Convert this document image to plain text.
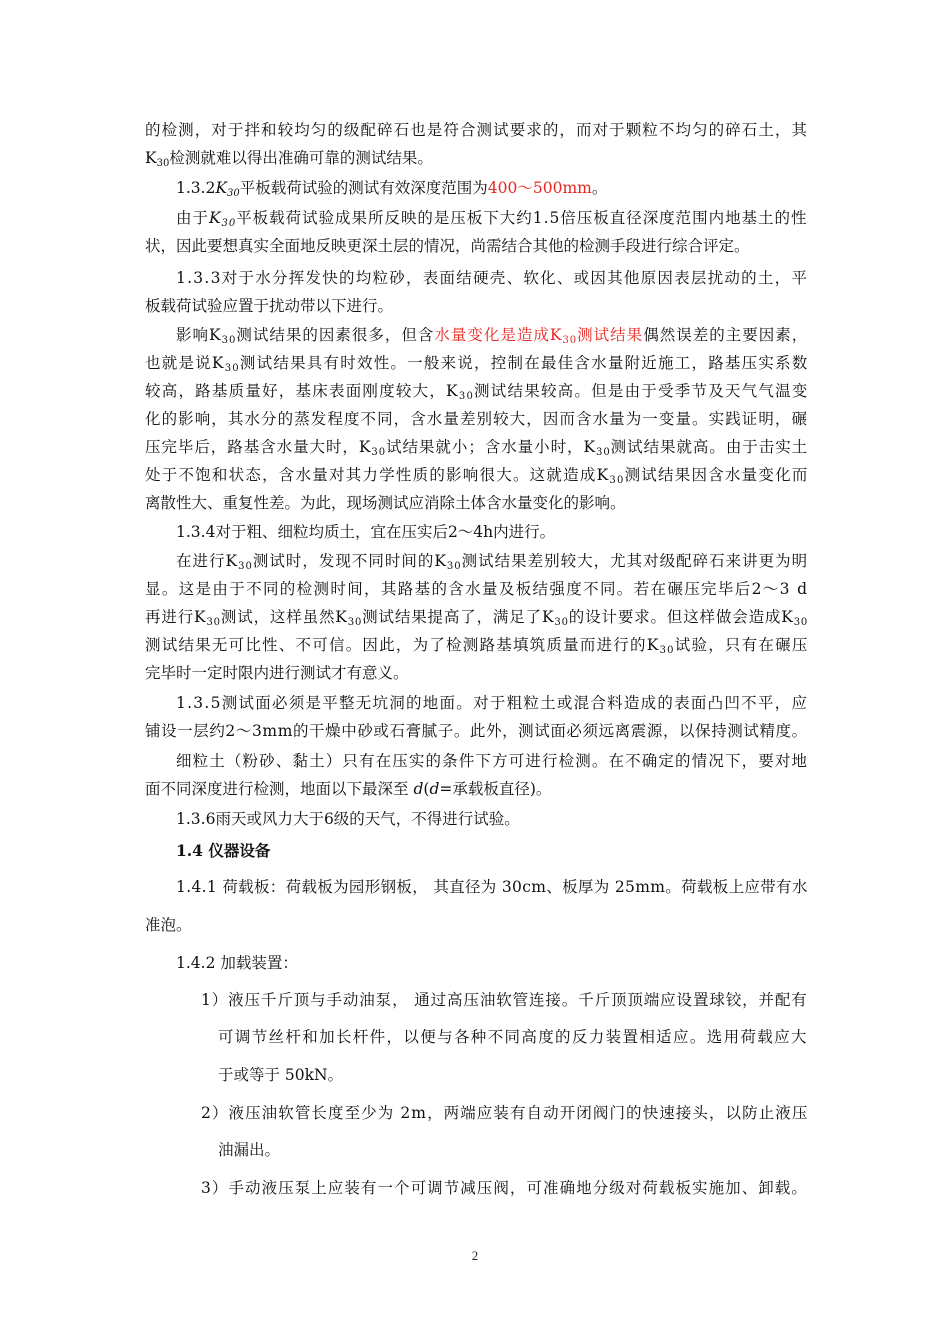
的检测，对于拌和较均匀的级配碎石也是符合测试要求的，而对于颗粒不均匀的碎石土，其
K30检测就难以得出准确可靠的测试结果。
1.3.2K30平板载荷试验的测试有效深度范围为400～500mm。
由于K30平板载荷试验成果所反映的是压板下大约1.5倍压板直径深度范围内地基土的性
状，因此要想真实全面地反映更深土层的情况，尚需结合其他的检测手段进行综合评定。
1.3.3对于水分挥发快的均粒砂，表面结硬壳、软化、或因其他原因表层扰动的土，平
板载荷试验应置于扰动带以下进行。
影响K30测试结果的因素很多，但含水量变化是造成K30测试结果偶然误差的主要因素，
也就是说K30测试结果具有时效性。一般来说，控制在最佳含水量附近施工，路基压实系数
较高，路基质量好，基床表面刚度较大，K30测试结果较高。但是由于受季节及天气气温变
化的影响，其水分的蒸发程度不同，含水量差别较大，因而含水量为一变量。实践证明，碾
压完毕后，路基含水量大时，K30试结果就小；含水量小时，K30测试结果就高。由于击实土
处于不饱和状态，含水量对其力学性质的影响很大。这就造成K30测试结果因含水量变化而
离散性大、重复性差。为此，现场测试应消除土体含水量变化的影响。
1.3.4对于粗、细粒均质土，宜在压实后2～4h内进行。
在进行K30测试时，发现不同时间的K30测试结果差别较大，尤其对级配碎石来讲更为明
显。这是由于不同的检测时间，其路基的含水量及板结强度不同。若在碾压完毕后2～3 d
再进行K30测试，这样虽然K30测试结果提高了，满足了K30的设计要求。但这样做会造成K30
测试结果无可比性、不可信。因此，为了检测路基填筑质量而进行的K30试验，只有在碾压
完毕时一定时限内进行测试才有意义。
1.3.5测试面必须是平整无坑洞的地面。对于粗粒土或混合料造成的表面凸凹不平，应
铺设一层约2～3mm的干燥中砂或石膏腻子。此外，测试面必须远离震源，以保持测试精度。
细粒土（粉砂、黏土）只有在压实的条件下方可进行检测。在不确定的情况下，要对地
面不同深度进行检测，地面以下最深至 d(d=承载板直径)。
1.3.6雨天或风力大于6级的天气，不得进行试验。
1.4 仪器设备
1.4.1 荷载板：荷载板为园形钢板， 其直径为 30cm、板厚为 25mm。荷载板上应带有水
准泡。
1.4.2 加载装置：
1）液压千斤顶与手动油泵， 通过高压油软管连接。千斤顶顶端应设置球铰，并配有
可调节丝杆和加长杆件，以便与各种不同高度的反力装置相适应。选用荷载应大
于或等于 50kN。
2）液压油软管长度至少为 2m，两端应装有自动开闭阀门的快速接头，以防止液压
油漏出。
3）手动液压泵上应装有一个可调节减压阀，可准确地分级对荷载板实施加、卸载。
2
